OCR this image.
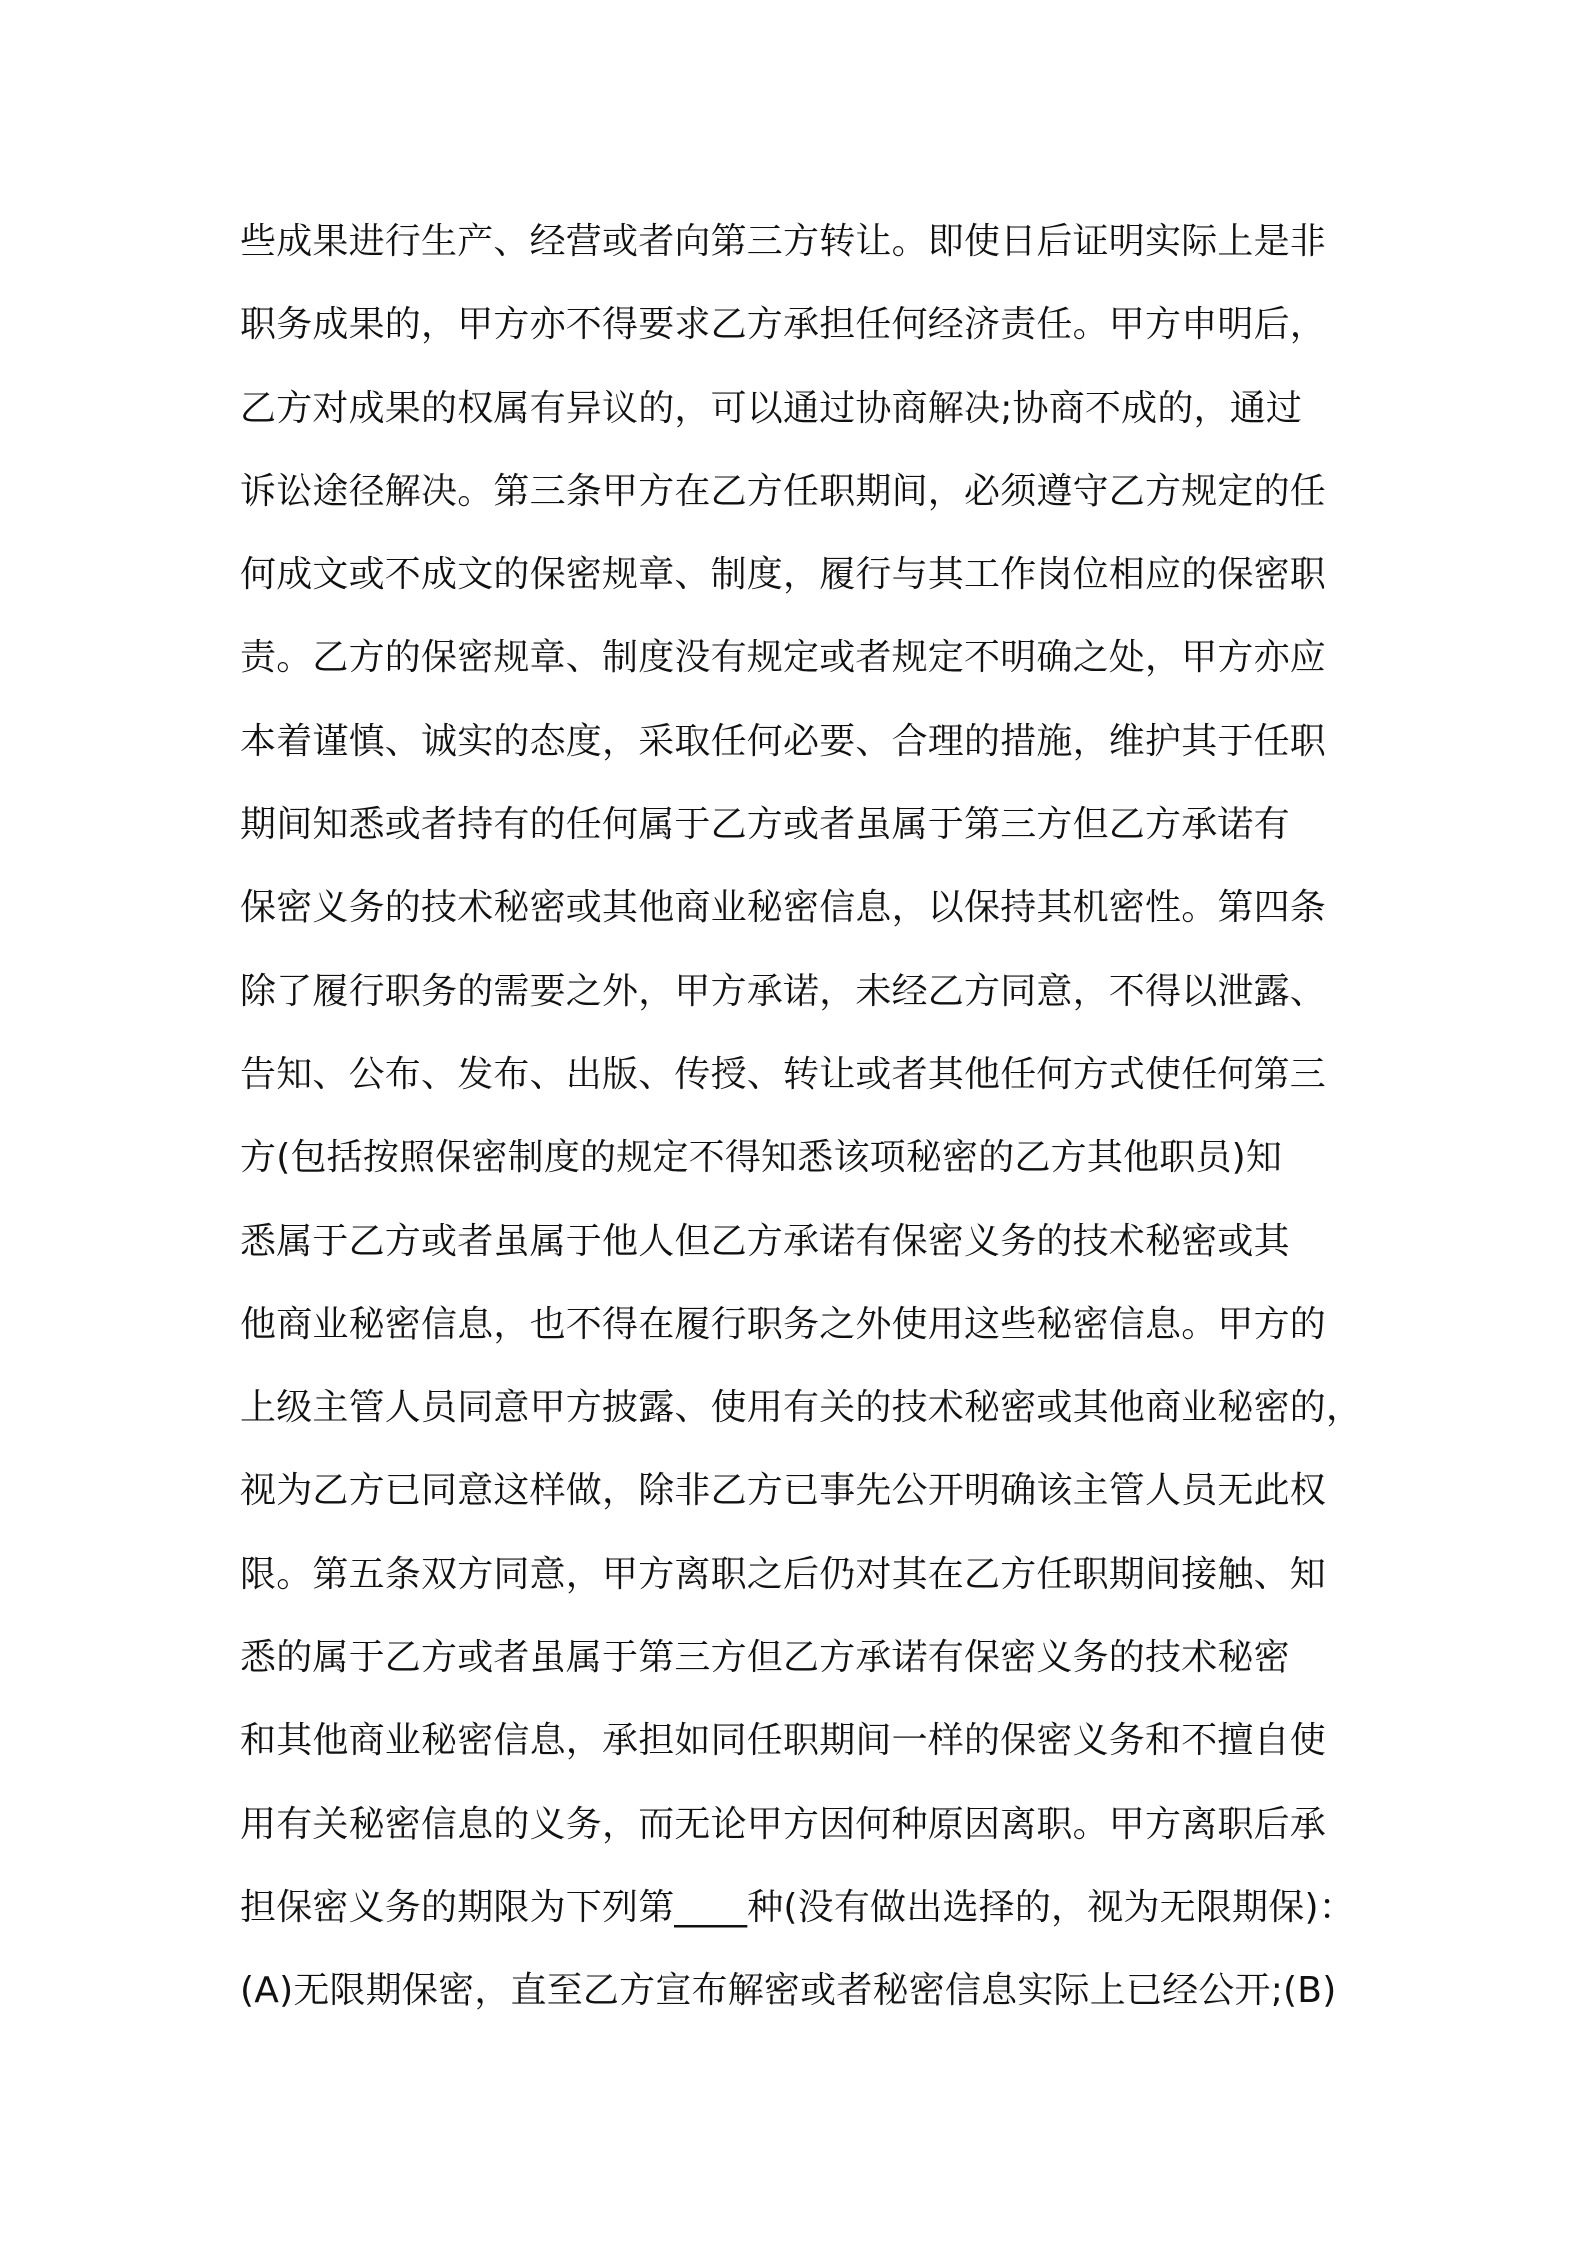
些成果进行生产、经营或者向第三方转让。即使日后证明实际上是非
职务成果的，甲方亦不得要求乙方承担任何经济责任。甲方申明后，
乙方对成果的权属有异议的，可以通过协商解决;协商不成的，通过
诉讼途径解决。第三条甲方在乙方任职期间，必须遵守乙方规定的任
何成文或不成文的保密规章、制度，履行与其工作岗位相应的保密职
责。乙方的保密规章、制度没有规定或者规定不明确之处，甲方亦应
本着谨慎、诚实的态度，采取任何必要、合理的措施，维护其于任职
期间知悉或者持有的任何属于乙方或者虽属于第三方但乙方承诺有
保密义务的技术秘密或其他商业秘密信息，以保持其机密性。第四条
除了履行职务的需要之外，甲方承诺，未经乙方同意，不得以泄露、
告知、公布、发布、出版、传授、转让或者其他任何方式使任何第三
方(包括按照保密制度的规定不得知悉该项秘密的乙方其他职员)知
悉属于乙方或者虽属于他人但乙方承诺有保密义务的技术秘密或其
他商业秘密信息，也不得在履行职务之外使用这些秘密信息。甲方的
上级主管人员同意甲方披露、使用有关的技术秘密或其他商业秘密的，
视为乙方已同意这样做，除非乙方已事先公开明确该主管人员无此权
限。第五条双方同意，甲方离职之后仍对其在乙方任职期间接触、知
悉的属于乙方或者虽属于第三方但乙方承诺有保密义务的技术秘密
和其他商业秘密信息，承担如同任职期间一样的保密义务和不擅自使
用有关秘密信息的义务，而无论甲方因何种原因离职。甲方离职后承
担保密义务的期限为下列第____种(没有做出选择的，视为无限期保)：
(A)无限期保密，直至乙方宣布解密或者秘密信息实际上已经公开;(B)
